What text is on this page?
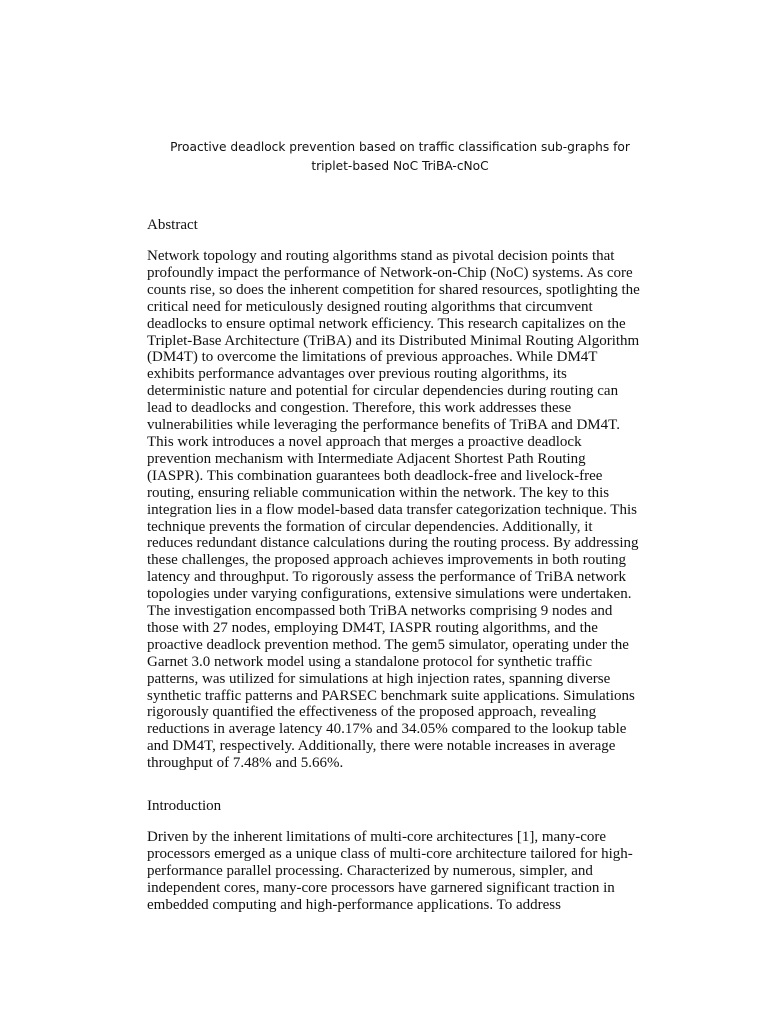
Proactive deadlock prevention based on traffic classification sub-graphs for
triplet-based NoC TriBA-cNoC
Abstract
Network topology and routing algorithms stand as pivotal decision points that
profoundly impact the performance of Network-on-Chip (NoC) systems. As core
counts rise, so does the inherent competition for shared resources, spotlighting the
critical need for meticulously designed routing algorithms that circumvent
deadlocks to ensure optimal network efficiency. This research capitalizes on the
Triplet-Base Architecture (TriBA) and its Distributed Minimal Routing Algorithm
(DM4T) to overcome the limitations of previous approaches. While DM4T
exhibits performance advantages over previous routing algorithms, its
deterministic nature and potential for circular dependencies during routing can
lead to deadlocks and congestion. Therefore, this work addresses these
vulnerabilities while leveraging the performance benefits of TriBA and DM4T.
This work introduces a novel approach that merges a proactive deadlock
prevention mechanism with Intermediate Adjacent Shortest Path Routing
(IASPR). This combination guarantees both deadlock-free and livelock-free
routing, ensuring reliable communication within the network. The key to this
integration lies in a flow model-based data transfer categorization technique. This
technique prevents the formation of circular dependencies. Additionally, it
reduces redundant distance calculations during the routing process. By addressing
these challenges, the proposed approach achieves improvements in both routing
latency and throughput. To rigorously assess the performance of TriBA network
topologies under varying configurations, extensive simulations were undertaken.
The investigation encompassed both TriBA networks comprising 9 nodes and
those with 27 nodes, employing DM4T, IASPR routing algorithms, and the
proactive deadlock prevention method. The gem5 simulator, operating under the
Garnet 3.0 network model using a standalone protocol for synthetic traffic
patterns, was utilized for simulations at high injection rates, spanning diverse
synthetic traffic patterns and PARSEC benchmark suite applications. Simulations
rigorously quantified the effectiveness of the proposed approach, revealing
reductions in average latency 40.17% and 34.05% compared to the lookup table
and DM4T, respectively. Additionally, there were notable increases in average
throughput of 7.48% and 5.66%.
Introduction
Driven by the inherent limitations of multi-core architectures [1], many-core
processors emerged as a unique class of multi-core architecture tailored for high-
performance parallel processing. Characterized by numerous, simpler, and
independent cores, many-core processors have garnered significant traction in
embedded computing and high-performance applications. To address
